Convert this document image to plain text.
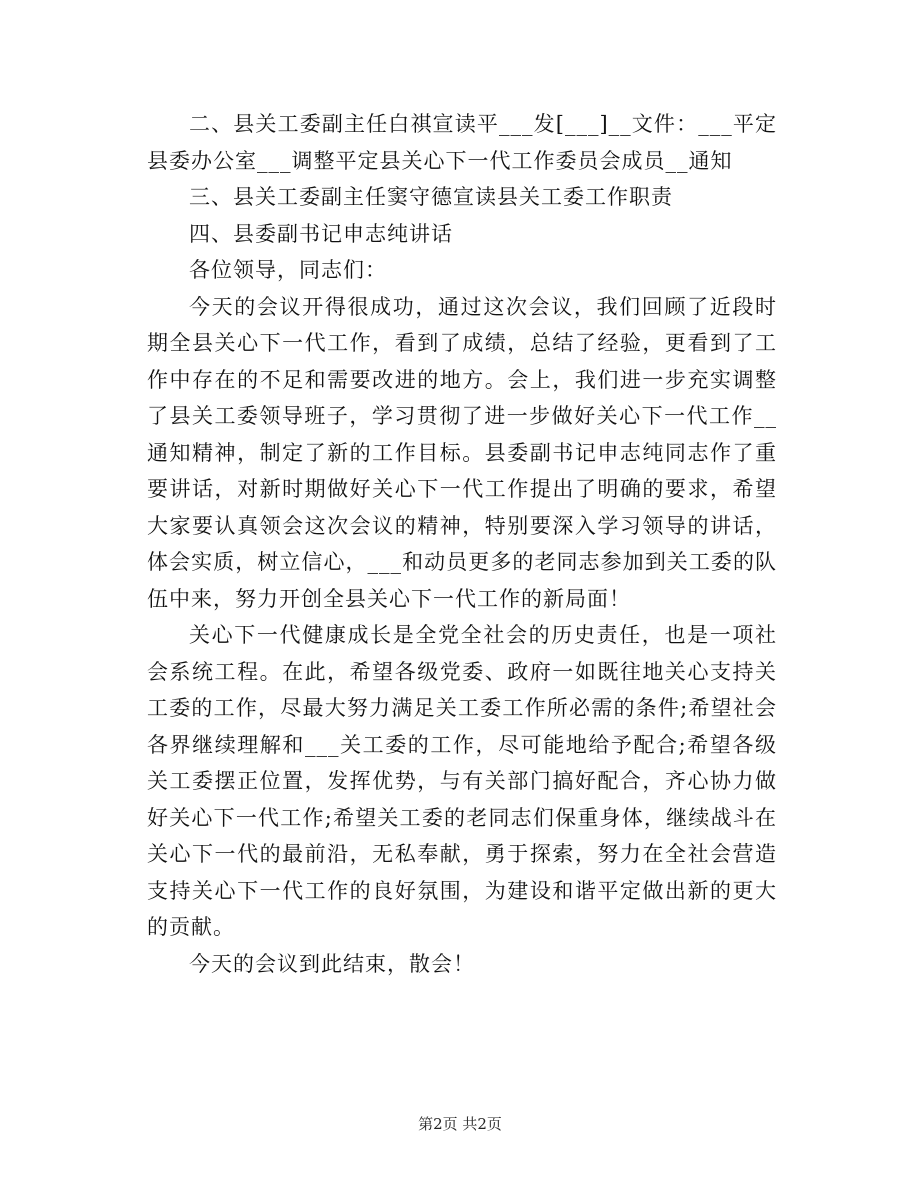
二、县关工委副主任白祺宣读平___发[___]__文件：___平定县委办公室___调整平定县关心下一代工作委员会成员__通知

三、县关工委副主任窦守德宣读县关工委工作职责

四、县委副书记申志纯讲话

各位领导，同志们：

今天的会议开得很成功，通过这次会议，我们回顾了近段时期全县关心下一代工作，看到了成绩，总结了经验，更看到了工作中存在的不足和需要改进的地方。会上，我们进一步充实调整了县关工委领导班子，学习贯彻了进一步做好关心下一代工作__通知精神，制定了新的工作目标。县委副书记申志纯同志作了重要讲话，对新时期做好关心下一代工作提出了明确的要求，希望大家要认真领会这次会议的精神，特别要深入学习领导的讲话，体会实质，树立信心，___和动员更多的老同志参加到关工委的队伍中来，努力开创全县关心下一代工作的新局面！

关心下一代健康成长是全党全社会的历史责任，也是一项社会系统工程。在此，希望各级党委、政府一如既往地关心支持关工委的工作，尽最大努力满足关工委工作所必需的条件;希望社会各界继续理解和___关工委的工作，尽可能地给予配合;希望各级关工委摆正位置，发挥优势，与有关部门搞好配合，齐心协力做好关心下一代工作;希望关工委的老同志们保重身体，继续战斗在关心下一代的最前沿，无私奉献，勇于探索，努力在全社会营造支持关心下一代工作的良好氛围，为建设和谐平定做出新的更大的贡献。

今天的会议到此结束，散会！

第2页 共2页
